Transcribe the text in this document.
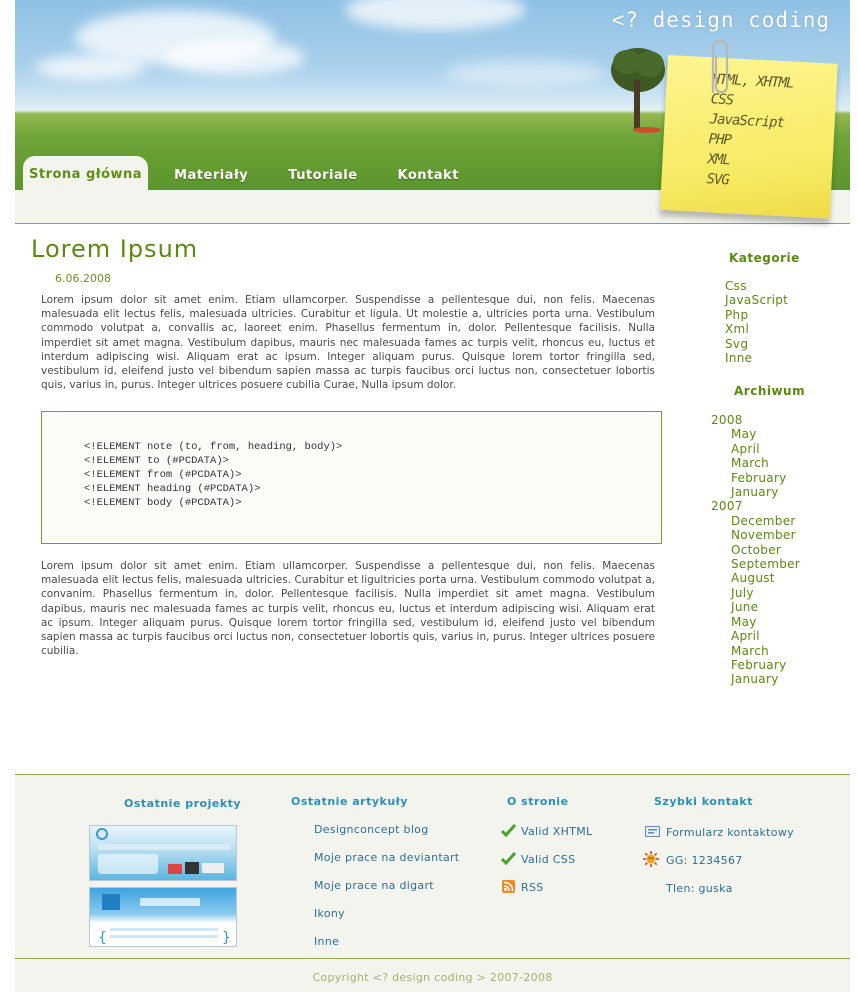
<? design coding
Strona główna	Materiały	Tutoriale	Kontakt
HTML, XHTML
CSS
JavaScript
PHP
XML
SVG
Lorem Ipsum
6.06.2008

Lorem ipsum dolor sit amet enim. Etiam ullamcorper. Suspendisse a pellentesque dui, non felis. Maecenas malesuada elit lectus felis, malesuada ultricies. Curabitur et ligula. Ut molestie a, ultricies porta urna. Vestibulum commodo volutpat a, convallis ac, laoreet enim. Phasellus fermentum in, dolor. Pellentesque facilisis. Nulla imperdiet sit amet magna. Vestibulum dapibus, mauris nec malesuada fames ac turpis velit, rhoncus eu, luctus et interdum adipiscing wisi. Aliquam erat ac ipsum. Integer aliquam purus. Quisque lorem tortor fringilla sed, vestibulum id, eleifend justo vel bibendum sapien massa ac turpis faucibus orci luctus non, consectetuer lobortis quis, varius in, purus. Integer ultrices posuere cubilia Curae, Nulla ipsum dolor.

<!ELEMENT note (to, from, heading, body)>
<!ELEMENT to (#PCDATA)>
<!ELEMENT from (#PCDATA)>
<!ELEMENT heading (#PCDATA)>
<!ELEMENT body (#PCDATA)>

Lorem ipsum dolor sit amet enim. Etiam ullamcorper. Suspendisse a pellentesque dui, non felis. Maecenas malesuada elit lectus felis, malesuada ultricies. Curabitur et ligultricies porta urna. Vestibulum commodo volutpat a, convanim. Phasellus fermentum in, dolor. Pellentesque facilisis. Nulla imperdiet sit amet magna. Vestibulum dapibus, mauris nec malesuada fames ac turpis velit, rhoncus eu, luctus et interdum adipiscing wisi. Aliquam erat ac ipsum. Integer aliquam purus. Quisque lorem tortor fringilla sed, vestibulum id, eleifend justo vel bibendum sapien massa ac turpis faucibus orci luctus non, consectetuer lobortis quis, varius in, purus. Integer ultrices posuere cubilia.

Kategorie
Css
JavaScript
Php
Xml
Svg
Inne
Archiwum
2008
May
April
March
February
January
2007
December
November
October
September
August
July
June
May
April
March
February
January
Ostatnie projekty
{	}
Ostatnie artykuły
Designconcept blog
Moje prace na deviantart
Moje prace na digart
Ikony
Inne
O stronie
Valid XHTML
Valid CSS
RSS
Szybki kontakt
Formularz kontaktowy
GG: 1234567
Tlen: guska
Copyright <? design coding > 2007-2008
